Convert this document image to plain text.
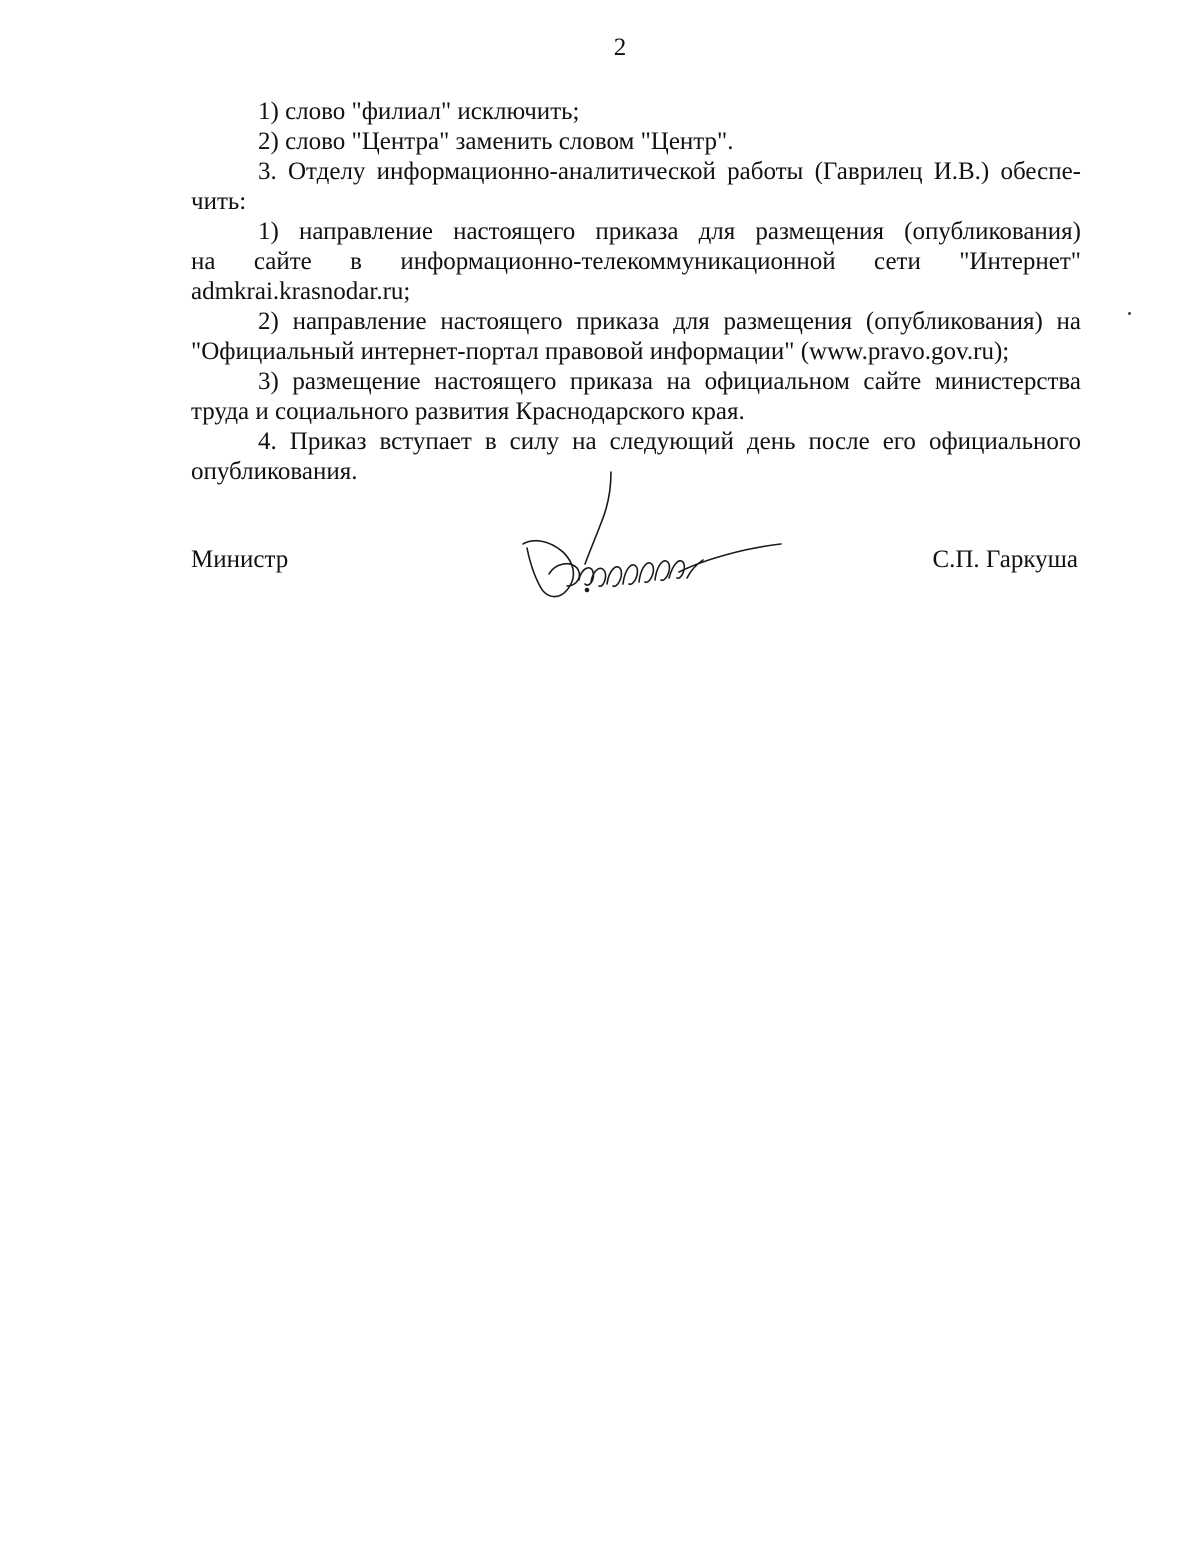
2
1) слово "филиал" исключить;
2) слово "Центра" заменить словом "Центр".
3. Отделу информационно-аналитической работы (Гаврилец И.В.) обеспе-
чить:
1) направление настоящего приказа для размещения (опубликования)
на сайте в информационно-телекоммуникационной сети "Интернет"
admkrai.krasnodar.ru;
2) направление настоящего приказа для размещения (опубликования) на
"Официальный интернет-портал правовой информации" (www.pravo.gov.ru);
3) размещение настоящего приказа на официальном сайте министерства
труда и социального развития Краснодарского края.
4. Приказ вступает в силу на следующий день после его официального
опубликования.
Министр	С.П. Гаркуша
